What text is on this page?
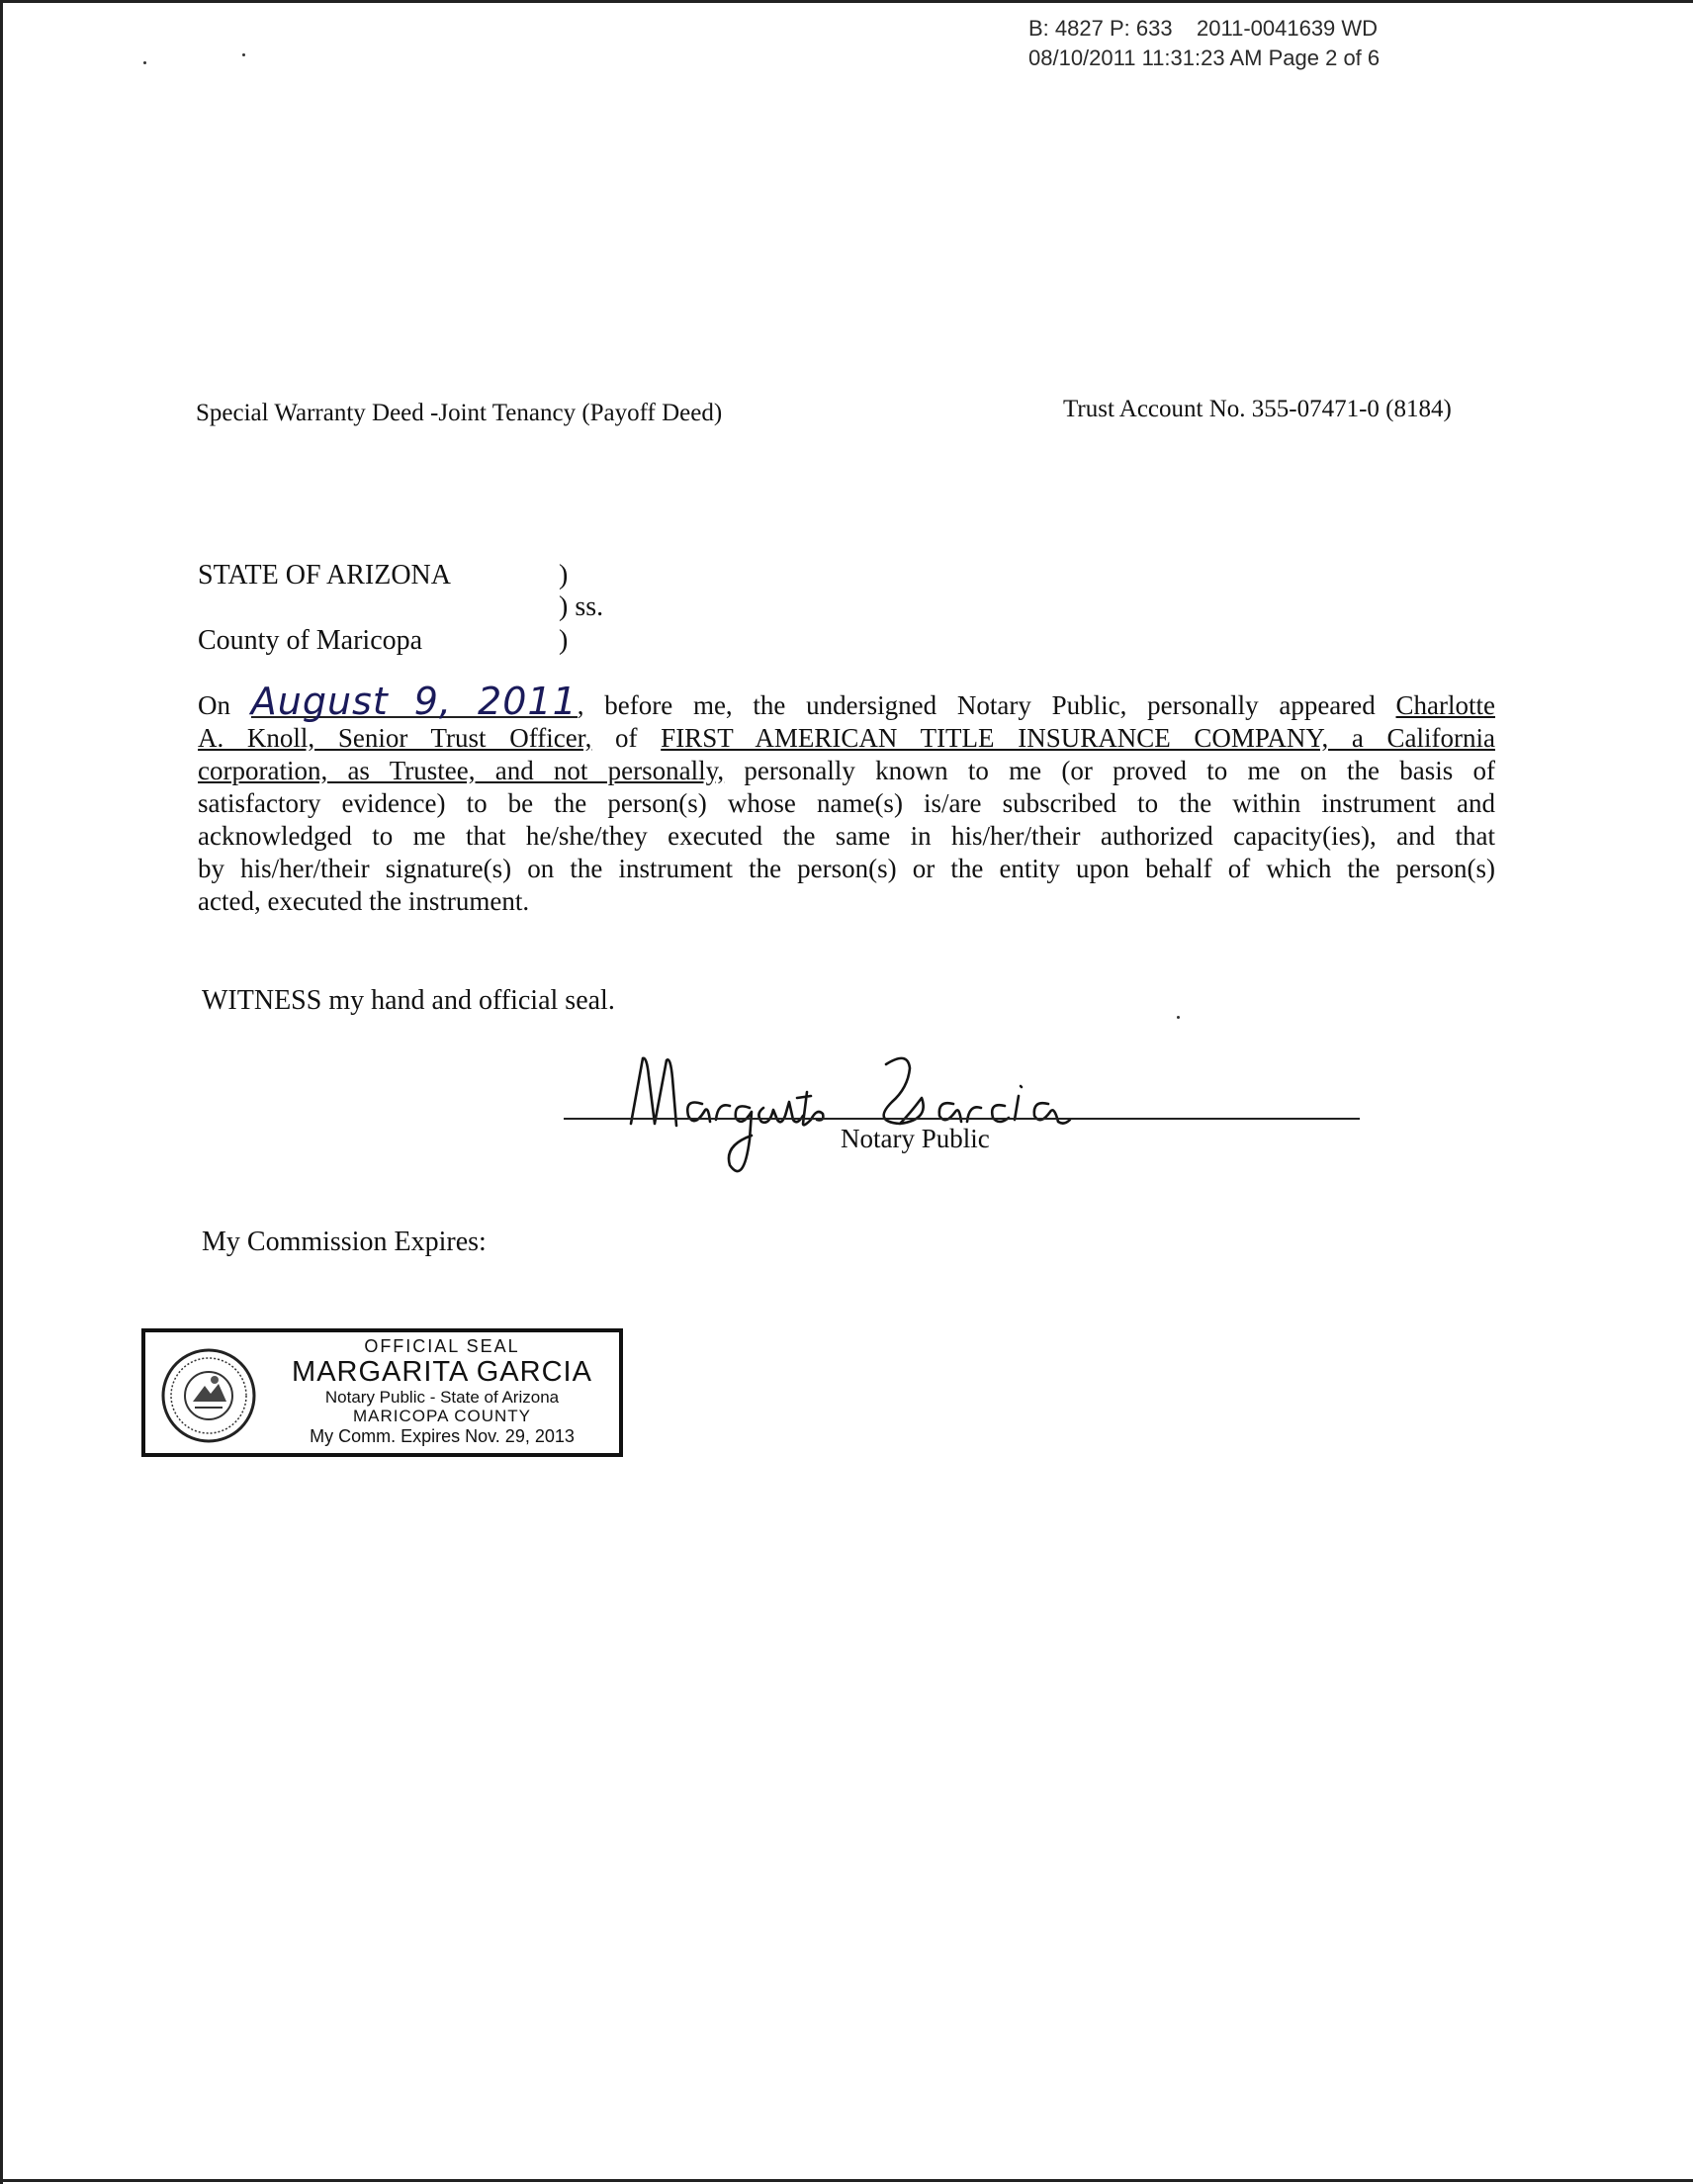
B: 4827 P: 633    2011-0041639 WD
08/10/2011 11:31:23 AM Page 2 of 6
Special Warranty Deed -Joint Tenancy (Payoff Deed)	Trust Account No. 355-07471-0 (8184)
STATE OF ARIZONA
County of Maricopa
)
) ss.
)
On August 9, 2011, before me, the undersigned Notary Public, personally appeared Charlotte
A. Knoll, Senior Trust Officer, of FIRST AMERICAN TITLE INSURANCE COMPANY, a California
corporation, as Trustee, and not personally, personally known to me (or proved to me on the basis of
satisfactory evidence) to be the person(s) whose name(s) is/are subscribed to the within instrument and
acknowledged to me that he/she/they executed the same in his/her/their authorized capacity(ies), and that
by his/her/their signature(s) on the instrument the person(s) or the entity upon behalf of which the person(s)
acted, executed the instrument.
WITNESS my hand and official seal.
Notary Public
My Commission Expires:
OFFICIAL SEAL
MARGARITA GARCIA
Notary Public - State of Arizona
MARICOPA COUNTY
My Comm. Expires Nov. 29, 2013
